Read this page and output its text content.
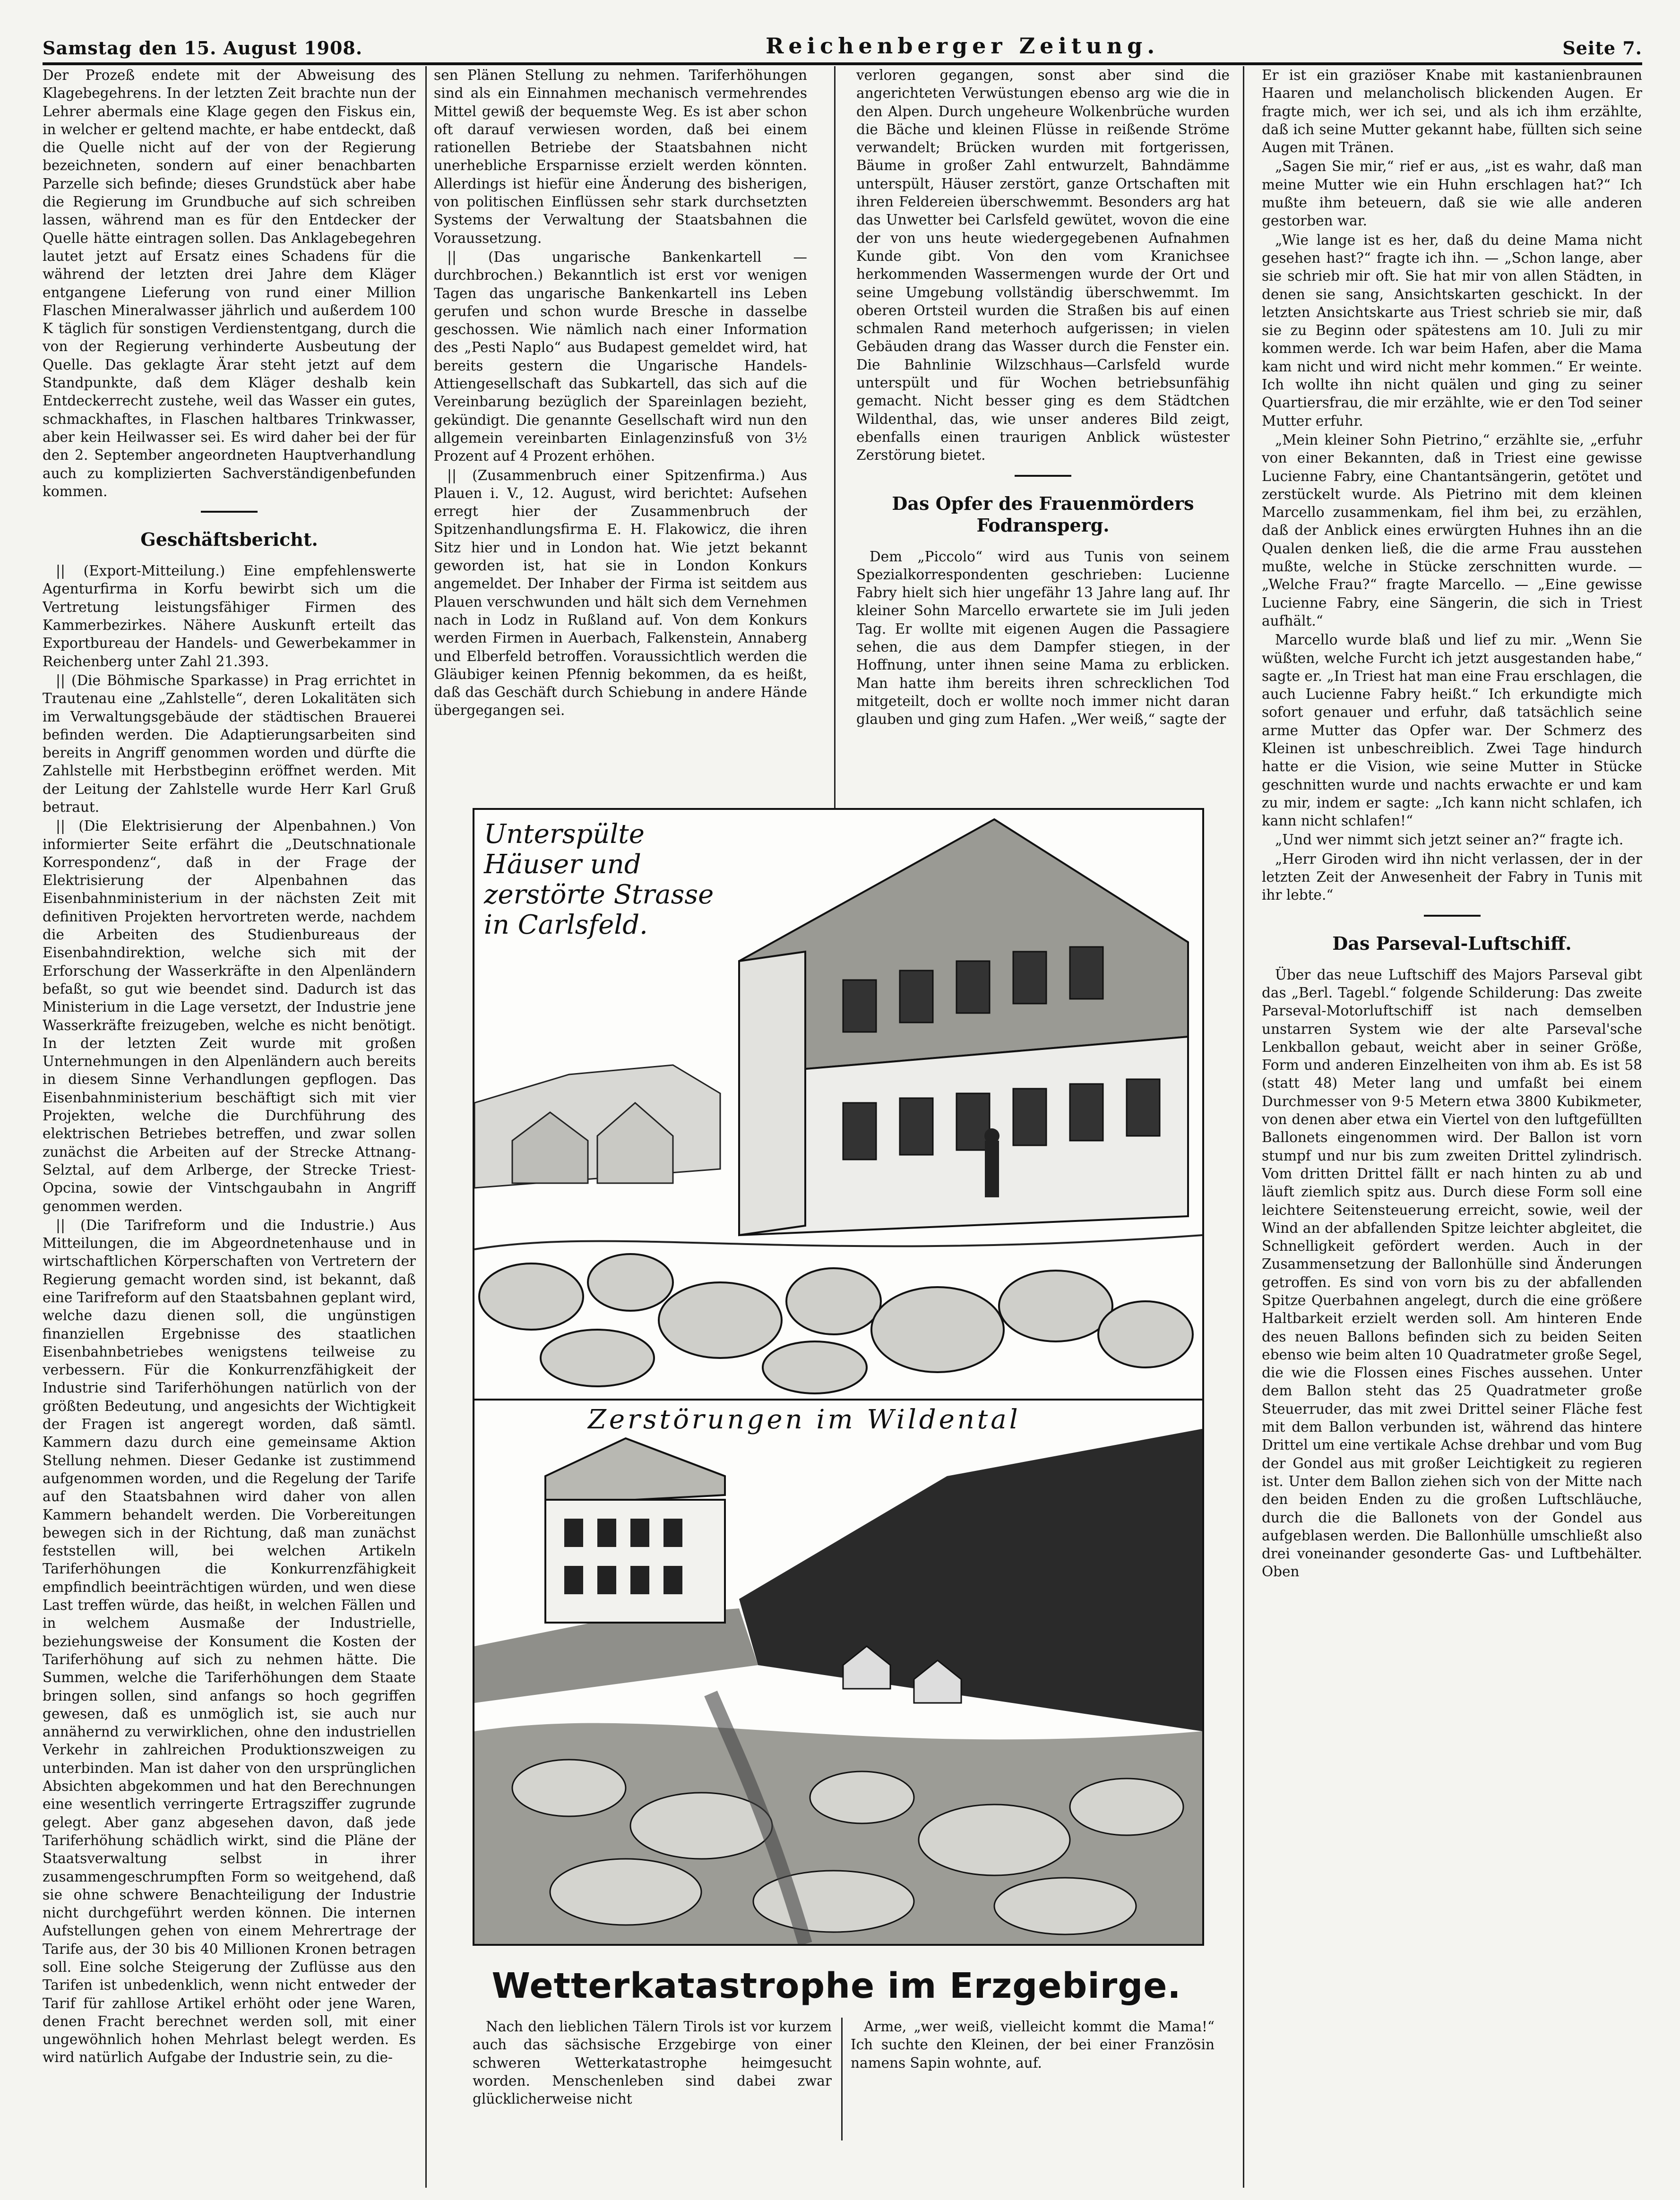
Samstag den 15. August 1908.	Reichenberger Zeitung.	Seite 7.

Der Prozeß endete mit der Abweisung des Klagebegehrens. In der letzten Zeit brachte nun der Lehrer abermals eine Klage gegen den Fiskus ein, in welcher er geltend machte, er habe entdeckt, daß die Quelle nicht auf der von der Regierung bezeichneten, sondern auf einer benachbarten Parzelle sich befinde; dieses Grundstück aber habe die Regierung im Grundbuche auf sich schreiben lassen, während man es für den Entdecker der Quelle hätte eintragen sollen. Das Anklagebegehren lautet jetzt auf Ersatz eines Schadens für die während der letzten drei Jahre dem Kläger entgangene Lieferung von rund einer Million Flaschen Mineralwasser jährlich und außerdem 100 K täglich für sonstigen Verdienstentgang, durch die von der Regierung verhinderte Ausbeutung der Quelle. Das geklagte Ärar steht jetzt auf dem Standpunkte, daß dem Kläger deshalb kein Entdeckerrecht zustehe, weil das Wasser ein gutes, schmackhaftes, in Flaschen haltbares Trinkwasser, aber kein Heilwasser sei. Es wird daher bei der für den 2. September angeordneten Hauptverhandlung auch zu komplizierten Sachverständigenbefunden kommen.

Geschäftsbericht.

|| (Export-Mitteilung.) Eine empfehlenswerte Agenturfirma in Korfu bewirbt sich um die Vertretung leistungsfähiger Firmen des Kammerbezirkes. Nähere Auskunft erteilt das Exportbureau der Handels- und Gewerbekammer in Reichenberg unter Zahl 21.393.

|| (Die Böhmische Sparkasse) in Prag errichtet in Trautenau eine „Zahlstelle“, deren Lokalitäten sich im Verwaltungsgebäude der städtischen Brauerei befinden werden. Die Adaptierungsarbeiten sind bereits in Angriff genommen worden und dürfte die Zahlstelle mit Herbstbeginn eröffnet werden. Mit der Leitung der Zahlstelle wurde Herr Karl Gruß betraut.

|| (Die Elektrisierung der Alpenbahnen.) Von informierter Seite erfährt die „Deutschnationale Korrespondenz“, daß in der Frage der Elektrisierung der Alpenbahnen das Eisenbahnministerium in der nächsten Zeit mit definitiven Projekten hervortreten werde, nachdem die Arbeiten des Studienbureaus der Eisenbahndirektion, welche sich mit der Erforschung der Wasserkräfte in den Alpenländern befaßt, so gut wie beendet sind. Dadurch ist das Ministerium in die Lage versetzt, der Industrie jene Wasserkräfte freizugeben, welche es nicht benötigt. In der letzten Zeit wurde mit großen Unternehmungen in den Alpenländern auch bereits in diesem Sinne Verhandlungen gepflogen. Das Eisenbahnministerium beschäftigt sich mit vier Projekten, welche die Durchführung des elektrischen Betriebes betreffen, und zwar sollen zunächst die Arbeiten auf der Strecke Attnang-Selztal, auf dem Arlberge, der Strecke Triest-Opcina, sowie der Vintschgaubahn in Angriff genommen werden.

|| (Die Tarifreform und die Industrie.) Aus Mitteilungen, die im Abgeordnetenhause und in wirtschaftlichen Körperschaften von Vertretern der Regierung gemacht worden sind, ist bekannt, daß eine Tarifreform auf den Staatsbahnen geplant wird, welche dazu dienen soll, die ungünstigen finanziellen Ergebnisse des staatlichen Eisenbahnbetriebes wenigstens teilweise zu verbessern. Für die Konkurrenzfähigkeit der Industrie sind Tariferhöhungen natürlich von der größten Bedeutung, und angesichts der Wichtigkeit der Fragen ist angeregt worden, daß sämtl. Kammern dazu durch eine gemeinsame Aktion Stellung nehmen. Dieser Gedanke ist zustimmend aufgenommen worden, und die Regelung der Tarife auf den Staatsbahnen wird daher von allen Kammern behandelt werden. Die Vorbereitungen bewegen sich in der Richtung, daß man zunächst feststellen will, bei welchen Artikeln Tariferhöhungen die Konkurrenzfähigkeit empfindlich beeinträchtigen würden, und wen diese Last treffen würde, das heißt, in welchen Fällen und in welchem Ausmaße der Industrielle, beziehungsweise der Konsument die Kosten der Tariferhöhung auf sich zu nehmen hätte. Die Summen, welche die Tariferhöhungen dem Staate bringen sollen, sind anfangs so hoch gegriffen gewesen, daß es unmöglich ist, sie auch nur annähernd zu verwirklichen, ohne den industriellen Verkehr in zahlreichen Produktionszweigen zu unterbinden. Man ist daher von den ursprünglichen Absichten abgekommen und hat den Berechnungen eine wesentlich verringerte Ertragsziffer zugrunde gelegt. Aber ganz abgesehen davon, daß jede Tariferhöhung schädlich wirkt, sind die Pläne der Staatsverwaltung selbst in ihrer zusammengeschrumpften Form so weitgehend, daß sie ohne schwere Benachteiligung der Industrie nicht durchgeführt werden können. Die internen Aufstellungen gehen von einem Mehrertrage der Tarife aus, der 30 bis 40 Millionen Kronen betragen soll. Eine solche Steigerung der Zuflüsse aus den Tarifen ist unbedenklich, wenn nicht entweder der Tarif für zahllose Artikel erhöht oder jene Waren, denen Fracht berechnet werden soll, mit einer ungewöhnlich hohen Mehrlast belegt werden. Es wird natürlich Aufgabe der Industrie sein, zu die-

sen Plänen Stellung zu nehmen. Tariferhöhungen sind als ein Einnahmen mechanisch vermehrendes Mittel gewiß der bequemste Weg. Es ist aber schon oft darauf verwiesen worden, daß bei einem rationellen Betriebe der Staatsbahnen nicht unerhebliche Ersparnisse erzielt werden könnten. Allerdings ist hiefür eine Änderung des bisherigen, von politischen Einflüssen sehr stark durchsetzten Systems der Verwaltung der Staatsbahnen die Voraussetzung.

|| (Das ungarische Bankenkartell — durchbrochen.) Bekanntlich ist erst vor wenigen Tagen das ungarische Bankenkartell ins Leben gerufen und schon wurde Bresche in dasselbe geschossen. Wie nämlich nach einer Information des „Pesti Naplo“ aus Budapest gemeldet wird, hat bereits gestern die Ungarische Handels-Attiengesellschaft das Subkartell, das sich auf die Vereinbarung bezüglich der Spareinlagen bezieht, gekündigt. Die genannte Gesellschaft wird nun den allgemein vereinbarten Einlagenzinsfuß von 3½ Prozent auf 4 Prozent erhöhen.

|| (Zusammenbruch einer Spitzenfirma.) Aus Plauen i. V., 12. August, wird berichtet: Aufsehen erregt hier der Zusammenbruch der Spitzenhandlungsfirma E. H. Flakowicz, die ihren Sitz hier und in London hat. Wie jetzt bekannt geworden ist, hat sie in London Konkurs angemeldet. Der Inhaber der Firma ist seitdem aus Plauen verschwunden und hält sich dem Vernehmen nach in Lodz in Rußland auf. Von dem Konkurs werden Firmen in Auerbach, Falkenstein, Annaberg und Elberfeld betroffen. Voraussichtlich werden die Gläubiger keinen Pfennig bekommen, da es heißt, daß das Geschäft durch Schiebung in andere Hände übergegangen sei.

verloren gegangen, sonst aber sind die angerichteten Verwüstungen ebenso arg wie die in den Alpen. Durch ungeheure Wolkenbrüche wurden die Bäche und kleinen Flüsse in reißende Ströme verwandelt; Brücken wurden mit fortgerissen, Bäume in großer Zahl entwurzelt, Bahndämme unterspült, Häuser zerstört, ganze Ortschaften mit ihren Feldereien überschwemmt. Besonders arg hat das Unwetter bei Carlsfeld gewütet, wovon die eine der von uns heute wiedergegebenen Aufnahmen Kunde gibt. Von den vom Kranichsee herkommenden Wassermengen wurde der Ort und seine Umgebung vollständig überschwemmt. Im oberen Ortsteil wurden die Straßen bis auf einen schmalen Rand meterhoch aufgerissen; in vielen Gebäuden drang das Wasser durch die Fenster ein. Die Bahnlinie Wilzschhaus—Carlsfeld wurde unterspült und für Wochen betriebsunfähig gemacht. Nicht besser ging es dem Städtchen Wildenthal, das, wie unser anderes Bild zeigt, ebenfalls einen traurigen Anblick wüstester Zerstörung bietet.

Das Opfer des Frauenmörders Fodransperg.

Dem „Piccolo“ wird aus Tunis von seinem Spezialkorrespondenten geschrieben: Lucienne Fabry hielt sich hier ungefähr 13 Jahre lang auf. Ihr kleiner Sohn Marcello erwartete sie im Juli jeden Tag. Er wollte mit eigenen Augen die Passagiere sehen, die aus dem Dampfer stiegen, in der Hoffnung, unter ihnen seine Mama zu erblicken. Man hatte ihm bereits ihren schrecklichen Tod mitgeteilt, doch er wollte noch immer nicht daran glauben und ging zum Hafen. „Wer weiß,“ sagte der

Er ist ein graziöser Knabe mit kastanienbraunen Haaren und melancholisch blickenden Augen. Er fragte mich, wer ich sei, und als ich ihm erzählte, daß ich seine Mutter gekannt habe, füllten sich seine Augen mit Tränen.

„Sagen Sie mir,“ rief er aus, „ist es wahr, daß man meine Mutter wie ein Huhn erschlagen hat?“ Ich mußte ihm beteuern, daß sie wie alle anderen gestorben war.

„Wie lange ist es her, daß du deine Mama nicht gesehen hast?“ fragte ich ihn. — „Schon lange, aber sie schrieb mir oft. Sie hat mir von allen Städten, in denen sie sang, Ansichtskarten geschickt. In der letzten Ansichtskarte aus Triest schrieb sie mir, daß sie zu Beginn oder spätestens am 10. Juli zu mir kommen werde. Ich war beim Hafen, aber die Mama kam nicht und wird nicht mehr kommen.“ Er weinte. Ich wollte ihn nicht quälen und ging zu seiner Quartiersfrau, die mir erzählte, wie er den Tod seiner Mutter erfuhr.

„Mein kleiner Sohn Pietrino,“ erzählte sie, „erfuhr von einer Bekannten, daß in Triest eine gewisse Lucienne Fabry, eine Chantantsängerin, getötet und zerstückelt wurde. Als Pietrino mit dem kleinen Marcello zusammenkam, fiel ihm bei, zu erzählen, daß der Anblick eines erwürgten Huhnes ihn an die Qualen denken ließ, die die arme Frau ausstehen mußte, welche in Stücke zerschnitten wurde. — „Welche Frau?“ fragte Marcello. — „Eine gewisse Lucienne Fabry, eine Sängerin, die sich in Triest aufhält.“

Marcello wurde blaß und lief zu mir. „Wenn Sie wüßten, welche Furcht ich jetzt ausgestanden habe,“ sagte er. „In Triest hat man eine Frau erschlagen, die auch Lucienne Fabry heißt.“ Ich erkundigte mich sofort genauer und erfuhr, daß tatsächlich seine arme Mutter das Opfer war. Der Schmerz des Kleinen ist unbeschreiblich. Zwei Tage hindurch hatte er die Vision, wie seine Mutter in Stücke geschnitten wurde und nachts erwachte er und kam zu mir, indem er sagte: „Ich kann nicht schlafen, ich kann nicht schlafen!“

„Und wer nimmt sich jetzt seiner an?“ fragte ich.

„Herr Giroden wird ihn nicht verlassen, der in der letzten Zeit der Anwesenheit der Fabry in Tunis mit ihr lebte.“

Das Parseval-Luftschiff.

Über das neue Luftschiff des Majors Parseval gibt das „Berl. Tagebl.“ folgende Schilderung: Das zweite Parseval-Motorluftschiff ist nach demselben unstarren System wie der alte Parseval'sche Lenkballon gebaut, weicht aber in seiner Größe, Form und anderen Einzelheiten von ihm ab. Es ist 58 (statt 48) Meter lang und umfaßt bei einem Durchmesser von 9·5 Metern etwa 3800 Kubikmeter, von denen aber etwa ein Viertel von den luftgefüllten Ballonets eingenommen wird. Der Ballon ist vorn stumpf und nur bis zum zweiten Drittel zylindrisch. Vom dritten Drittel fällt er nach hinten zu ab und läuft ziemlich spitz aus. Durch diese Form soll eine leichtere Seitensteuerung erreicht, sowie, weil der Wind an der abfallenden Spitze leichter abgleitet, die Schnelligkeit gefördert werden. Auch in der Zusammensetzung der Ballonhülle sind Änderungen getroffen. Es sind von vorn bis zu der abfallenden Spitze Querbahnen angelegt, durch die eine größere Haltbarkeit erzielt werden soll. Am hinteren Ende des neuen Ballons befinden sich zu beiden Seiten ebenso wie beim alten 10 Quadratmeter große Segel, die wie die Flossen eines Fisches aussehen. Unter dem Ballon steht das 25 Quadratmeter große Steuerruder, das mit zwei Drittel seiner Fläche fest mit dem Ballon verbunden ist, während das hintere Drittel um eine vertikale Achse drehbar und vom Bug der Gondel aus mit großer Leichtigkeit zu regieren ist. Unter dem Ballon ziehen sich von der Mitte nach den beiden Enden zu die großen Luftschläuche, durch die die Ballonets von der Gondel aus aufgeblasen werden. Die Ballonhülle umschließt also drei voneinander gesonderte Gas- und Luftbehälter. Oben

Unterspülte Häuser und zerstörte Strasse in Carlsfeld.
Zerstörungen im Wildental
Wetterkatastrophe im Erzgebirge.

Nach den lieblichen Tälern Tirols ist vor kurzem auch das sächsische Erzgebirge von einer schweren Wetterkatastrophe heimgesucht worden. Menschenleben sind dabei zwar glücklicherweise nicht

Arme, „wer weiß, vielleicht kommt die Mama!“ Ich suchte den Kleinen, der bei einer Französin namens Sapin wohnte, auf.
